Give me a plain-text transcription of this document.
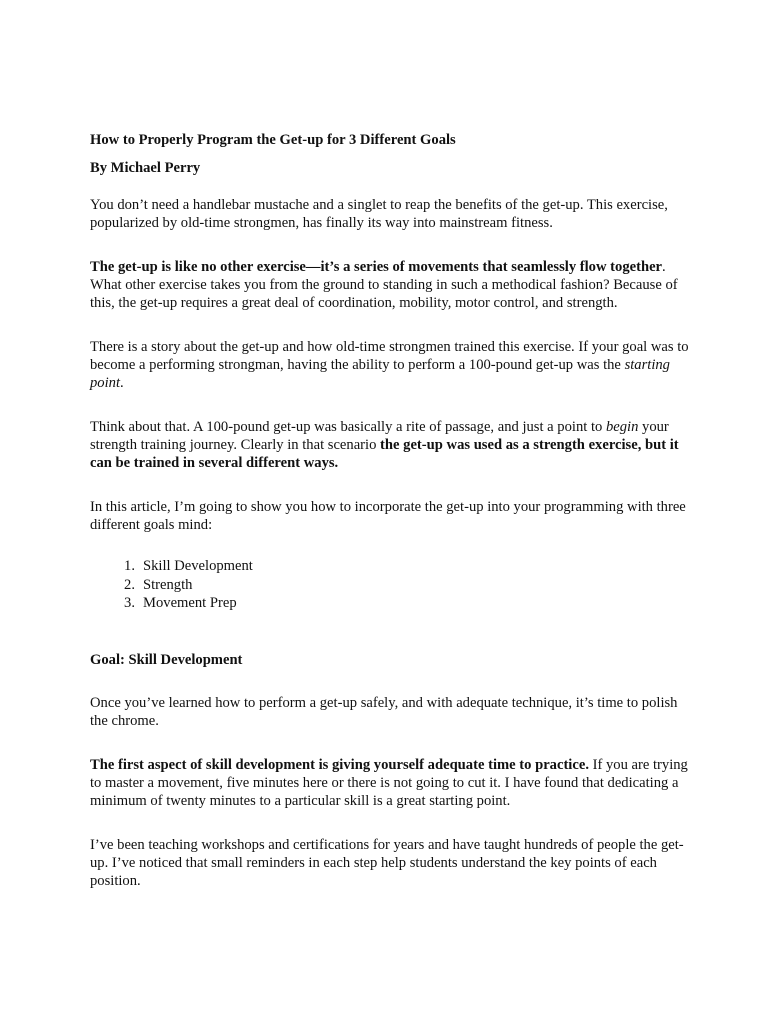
How to Properly Program the Get-up for 3 Different Goals

By Michael Perry

You don’t need a handlebar mustache and a singlet to reap the benefits of the get-up. This exercise, popularized by old-time strongmen, has finally its way into mainstream fitness.

The get-up is like no other exercise—it’s a series of movements that seamlessly flow together. What other exercise takes you from the ground to standing in such a methodical fashion? Because of this, the get-up requires a great deal of coordination, mobility, motor control, and strength.

There is a story about the get-up and how old-time strongmen trained this exercise. If your goal was to become a performing strongman, having the ability to perform a 100-pound get-up was the starting point.

Think about that. A 100-pound get-up was basically a rite of passage, and just a point to begin your strength training journey. Clearly in that scenario the get-up was used as a strength exercise, but it can be trained in several different ways.

In this article, I’m going to show you how to incorporate the get-up into your programming with three different goals mind:

1. Skill Development
2. Strength
3. Movement Prep

Goal: Skill Development

Once you’ve learned how to perform a get-up safely, and with adequate technique, it’s time to polish the chrome.

The first aspect of skill development is giving yourself adequate time to practice. If you are trying to master a movement, five minutes here or there is not going to cut it. I have found that dedicating a minimum of twenty minutes to a particular skill is a great starting point.

I’ve been teaching workshops and certifications for years and have taught hundreds of people the get-up. I’ve noticed that small reminders in each step help students understand the key points of each position.
